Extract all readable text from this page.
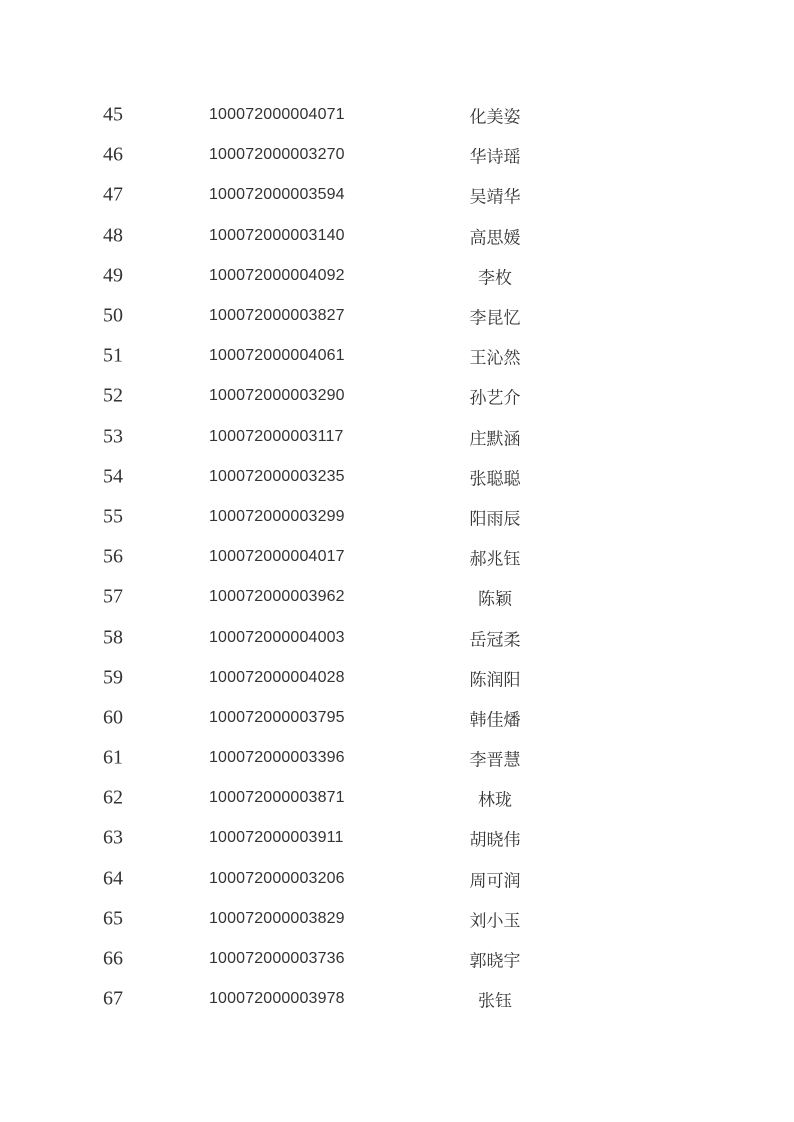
45	100072000004071	化美姿
46	100072000003270	华诗瑶
47	100072000003594	吴靖华
48	100072000003140	高思媛
49	100072000004092	李枚
50	100072000003827	李昆忆
51	100072000004061	王沁然
52	100072000003290	孙艺介
53	100072000003117	庄默涵
54	100072000003235	张聪聪
55	100072000003299	阳雨辰
56	100072000004017	郝兆钰
57	100072000003962	陈颖
58	100072000004003	岳冠柔
59	100072000004028	陈润阳
60	100072000003795	韩佳燔
61	100072000003396	李晋慧
62	100072000003871	林珑
63	100072000003911	胡晓伟
64	100072000003206	周可润
65	100072000003829	刘小玉
66	100072000003736	郭晓宇
67	100072000003978	张钰
